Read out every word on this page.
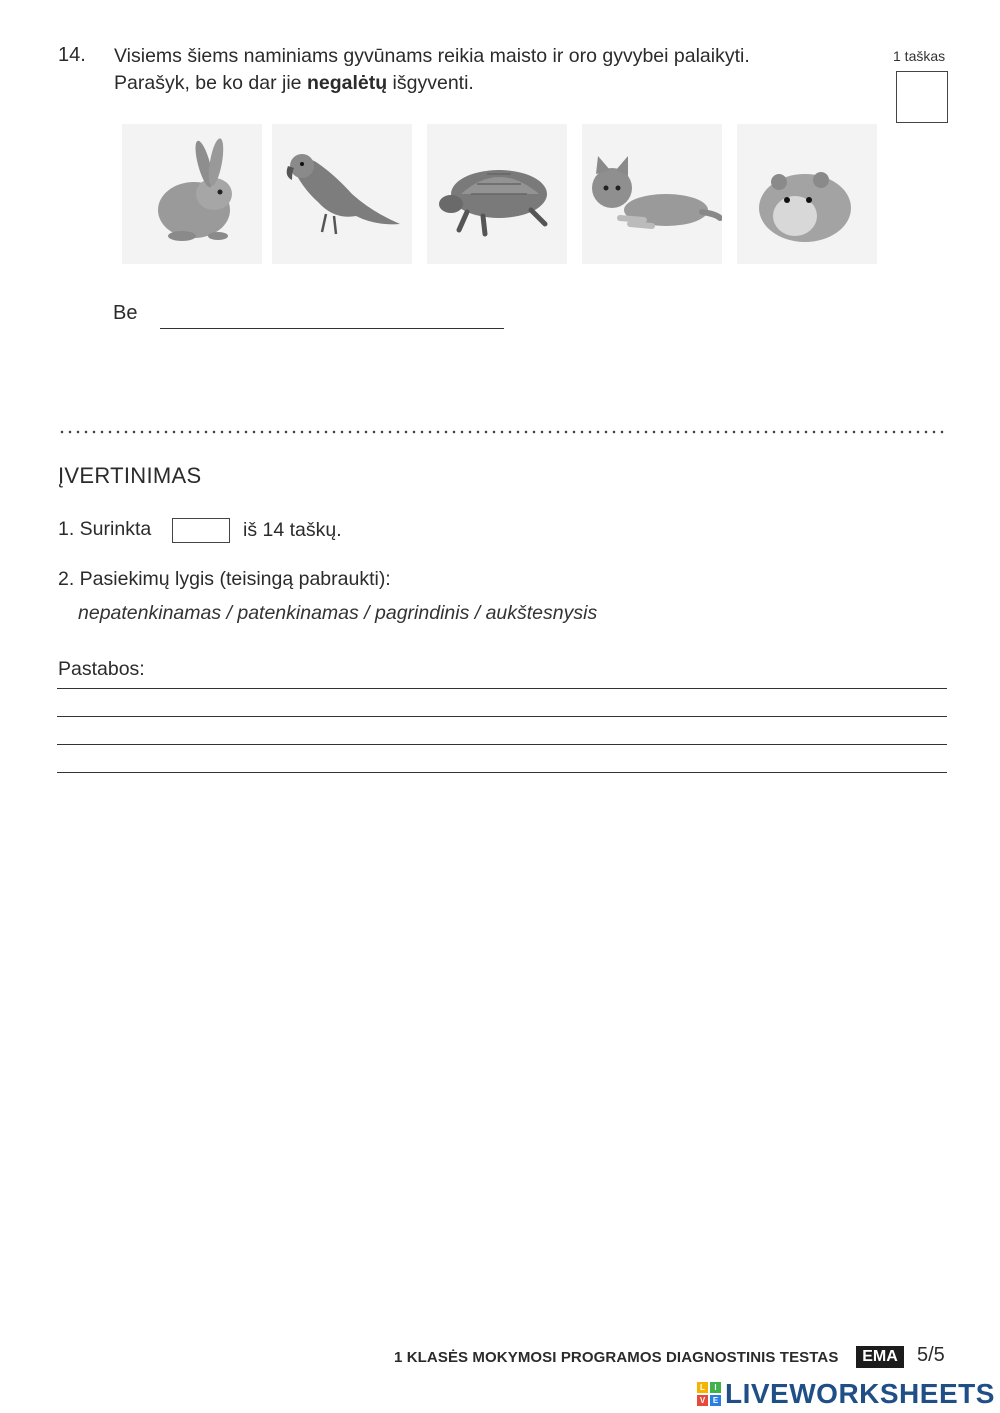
14. Visiems šiems naminiams gyvūnams reikia maisto ir oro gyvybei palaikyti.
Parašyk, be ko dar jie negalėtų išgyventi.
1 taškas
Be
ĮVERTINIMAS
1. Surinkta	iš 14 taškų.
2. Pasiekimų lygis (teisingą pabraukti):
nepatenkinamas / patenkinamas / pagrindinis / aukštesnysis
Pastabos:
1 KLASĖS MOKYMOSI PROGRAMOS DIAGNOSTINIS TESTAS	EMA 5/5
L	I
V E LIVEWORKSHEETS
